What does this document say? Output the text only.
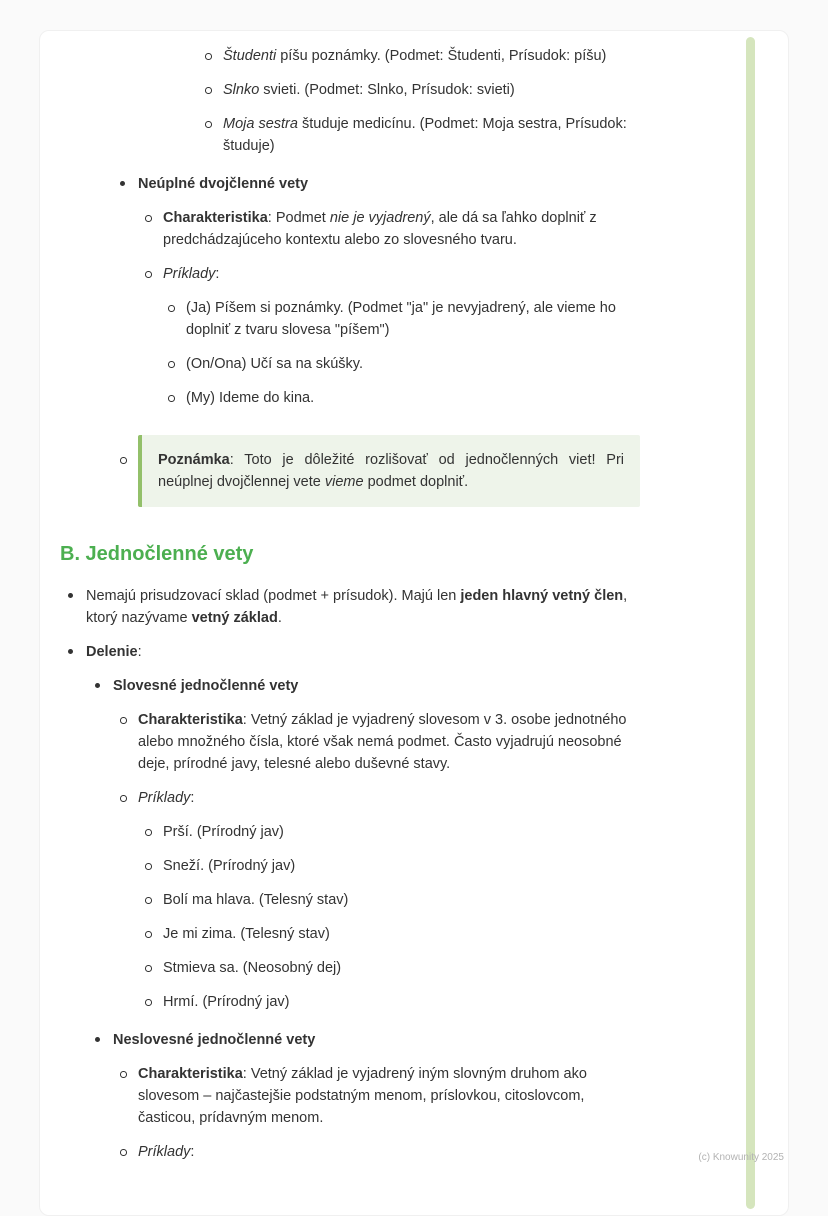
Študenti píšu poznámky. (Podmet: Študenti, Prísudok: píšu)
Slnko svieti. (Podmet: Slnko, Prísudok: svieti)
Moja sestra študuje medicínu. (Podmet: Moja sestra, Prísudok: študuje)
Neúplné dvojčlenné vety
Charakteristika: Podmet nie je vyjadrený, ale dá sa ľahko doplniť z predchádzajúceho kontextu alebo zo slovesného tvaru.
Príklady:
(Ja) Píšem si poznámky. (Podmet "ja" je nevyjadrený, ale vieme ho doplniť z tvaru slovesa "píšem")
(On/Ona) Učí sa na skúšky.
(My) Ideme do kina.
Poznámka: Toto je dôležité rozlišovať od jednočlenných viet! Pri neúplnej dvojčlennej vete vieme podmet doplniť.
B. Jednočlenné vety
Nemajú prisudzovací sklad (podmet + prísudok). Majú len jeden hlavný vetný člen, ktorý nazývame vetný základ.
Delenie:
Slovesné jednočlenné vety
Charakteristika: Vetný základ je vyjadrený slovesom v 3. osobe jednotného alebo množného čísla, ktoré však nemá podmet. Často vyjadrujú neosobné deje, prírodné javy, telesné alebo duševné stavy.
Príklady:
Prší. (Prírodný jav)
Sneží. (Prírodný jav)
Bolí ma hlava. (Telesný stav)
Je mi zima. (Telesný stav)
Stmieva sa. (Neosobný dej)
Hrmí. (Prírodný jav)
Neslovesné jednočlenné vety
Charakteristika: Vetný základ je vyjadrený iným slovným druhom ako slovesom – najčastejšie podstatným menom, príslovkou, citoslovcom, časticou, prídavným menom.
Príklady:	(c) Knowunity 2025
